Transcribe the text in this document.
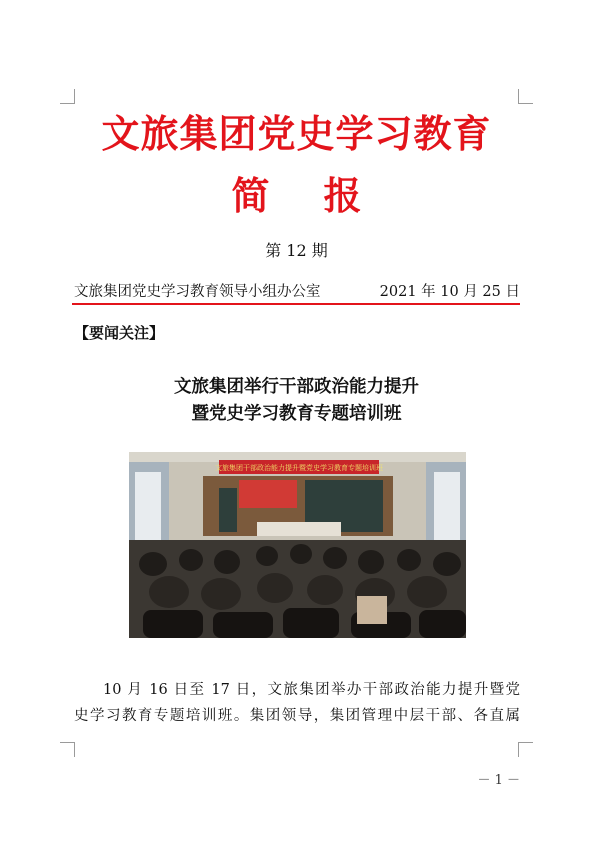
文旅集团党史学习教育
简报
第 12 期
文旅集团党史学习教育领导小组办公室	2021 年 10 月 25 日
【要闻关注】
文旅集团举行干部政治能力提升
暨党史学习教育专题培训班
文旅集团干部政治能力提升暨党史学习教育专题培训班
10 月 16 日至 17 日，文旅集团举办干部政治能力提升暨党
史学习教育专题培训班。集团领导，集团管理中层干部、各直属
－ 1 －
